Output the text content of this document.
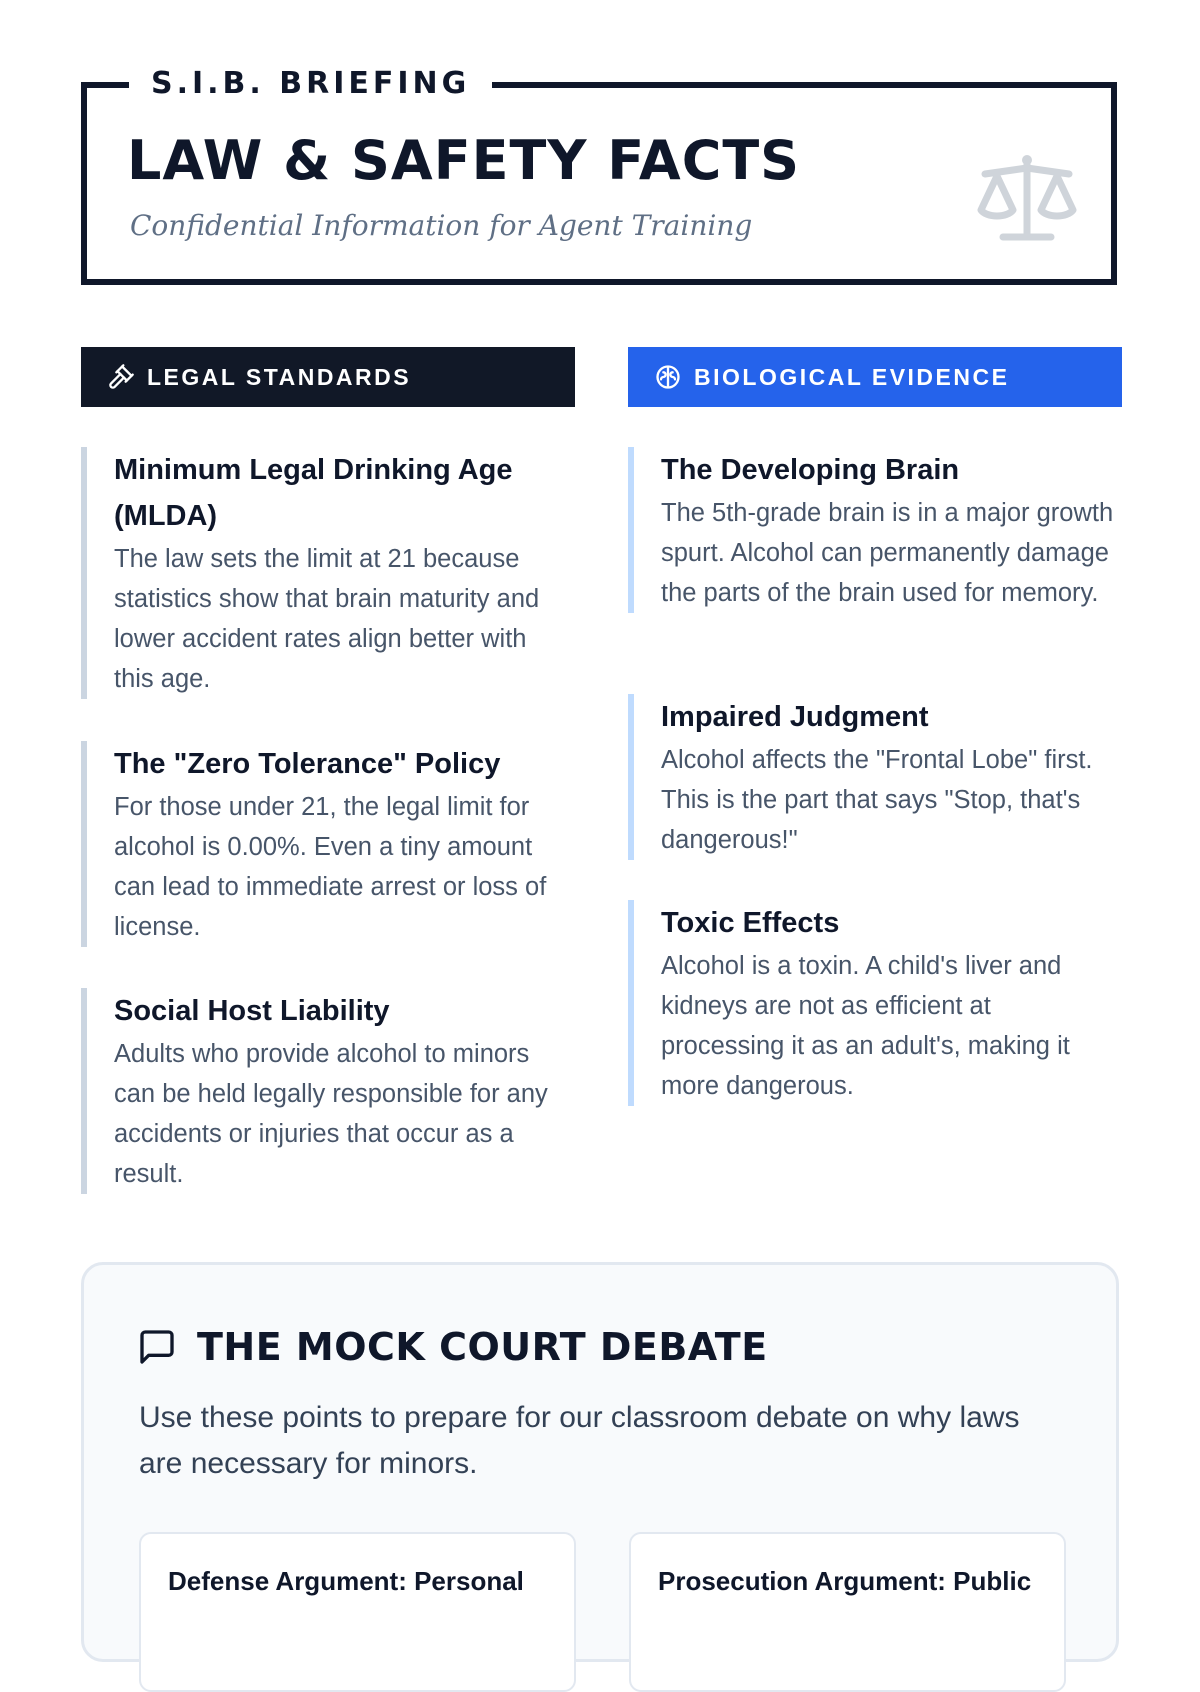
S.I.B. BRIEFING
LAW & SAFETY FACTS
Confidential Information for Agent Training
LEGAL STANDARDS	BIOLOGICAL EVIDENCE
Minimum Legal Drinking Age (MLDA)

The law sets the limit at 21 because statistics show that brain maturity and lower accident rates align better with this age.

The "Zero Tolerance" Policy

For those under 21, the legal limit for alcohol is 0.00%. Even a tiny amount can lead to immediate arrest or loss of license.

Social Host Liability

Adults who provide alcohol to minors can be held legally responsible for any accidents or injuries that occur as a result.

The Developing Brain

The 5th-grade brain is in a major growth spurt. Alcohol can permanently damage the parts of the brain used for memory.

Impaired Judgment

Alcohol affects the "Frontal Lobe" first. This is the part that says "Stop, that's dangerous!"

Toxic Effects

Alcohol is a toxin. A child's liver and kidneys are not as efficient at processing it as an adult's, making it more dangerous.

THE MOCK COURT DEBATE
Use these points to prepare for our classroom debate on why laws are necessary for minors.
Defense Argument: Personal	Prosecution Argument: Public
